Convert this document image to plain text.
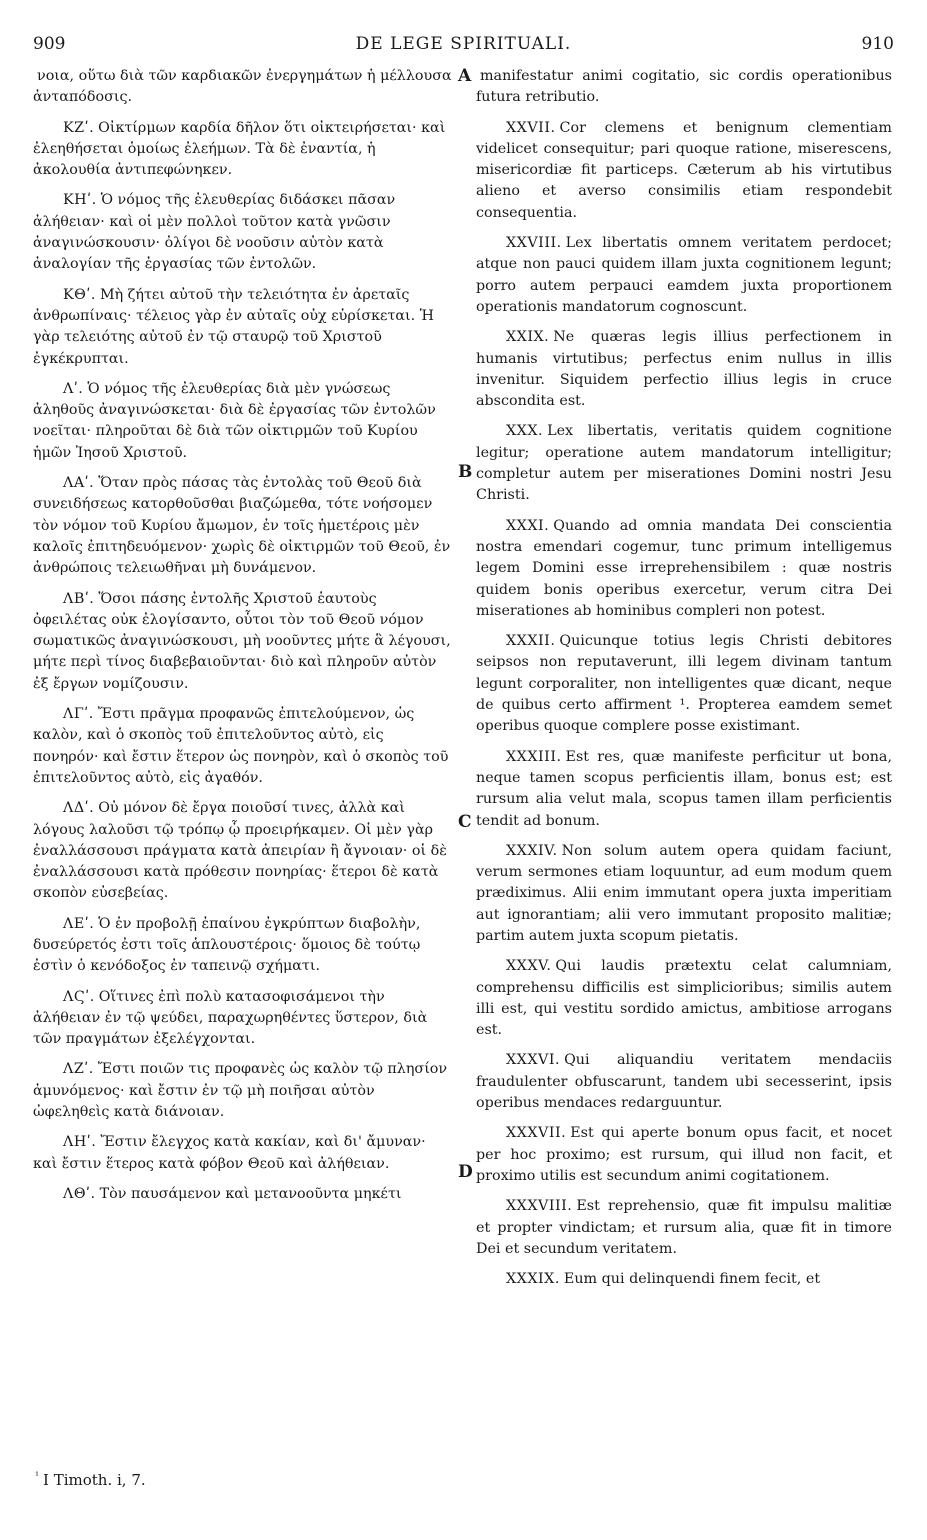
909	DE LEGE SPIRITUALI.	910

νοια, οὕτω διὰ τῶν καρδιακῶν ἐνεργημάτων ἡ μέλλουσα ἀνταπόδοσις.

ΚΖʹ. Οἰκτίρμων καρδία δῆλον ὅτι οἰκτειρήσεται· καὶ ἐλεηθήσεται ὁμοίως ἐλεήμων. Τὰ δὲ ἐναντία, ἡ ἀκολουθία ἀντιπεφώνηκεν.

ΚΗʹ. Ὁ νόμος τῆς ἐλευθερίας διδάσκει πᾶσαν ἀλήθειαν· καὶ οἱ μὲν πολλοὶ τοῦτον κατὰ γνῶσιν ἀναγινώσκουσιν· ὀλίγοι δὲ νοοῦσιν αὐτὸν κατὰ ἀναλογίαν τῆς ἐργασίας τῶν ἐντολῶν.

ΚΘʹ. Μὴ ζήτει αὐτοῦ τὴν τελειότητα ἐν ἀρεταῖς ἀνθρωπίναις· τέλειος γὰρ ἐν αὐταῖς οὐχ εὑρίσκεται. Ἡ γὰρ τελειότης αὐτοῦ ἐν τῷ σταυρῷ τοῦ Χριστοῦ ἐγκέκρυπται.

Λʹ. Ὁ νόμος τῆς ἐλευθερίας διὰ μὲν γνώσεως ἀληθοῦς ἀναγινώσκεται· διὰ δὲ ἐργασίας τῶν ἐντολῶν νοεῖται· πληροῦται δὲ διὰ τῶν οἰκτιρμῶν τοῦ Κυρίου ἡμῶν Ἰησοῦ Χριστοῦ.

ΛΑʹ. Ὅταν πρὸς πάσας τὰς ἐντολὰς τοῦ Θεοῦ διὰ συνειδήσεως κατορθοῦσθαι βιαζώμεθα, τότε νοήσομεν τὸν νόμον τοῦ Κυρίου ἄμωμον, ἐν τοῖς ἡμετέροις μὲν καλοῖς ἐπιτηδευόμενον· χωρὶς δὲ οἰκτιρμῶν τοῦ Θεοῦ, ἐν ἀνθρώποις τελειωθῆναι μὴ δυνάμενον.

ΛΒʹ. Ὅσοι πάσης ἐντολῆς Χριστοῦ ἑαυτοὺς ὀφειλέτας οὐκ ἐλογίσαντο, οὗτοι τὸν τοῦ Θεοῦ νόμον σωματικῶς ἀναγινώσκουσι, μὴ νοοῦντες μήτε ἃ λέγουσι, μήτε περὶ τίνος διαβεβαιοῦνται· διὸ καὶ πληροῦν αὐτὸν ἐξ ἔργων νομίζουσιν.

ΛΓʹ. Ἔστι πρᾶγμα προφανῶς ἐπιτελούμενον, ὡς καλὸν, καὶ ὁ σκοπὸς τοῦ ἐπιτελοῦντος αὐτὸ, εἰς πονηρόν· καὶ ἔστιν ἕτερον ὡς πονηρὸν, καὶ ὁ σκοπὸς τοῦ ἐπιτελοῦντος αὐτὸ, εἰς ἀγαθόν.

ΛΔʹ. Οὐ μόνον δὲ ἔργα ποιοῦσί τινες, ἀλλὰ καὶ λόγους λαλοῦσι τῷ τρόπῳ ᾧ προειρήκαμεν. Οἱ μὲν γὰρ ἐναλλάσσουσι πράγματα κατὰ ἀπειρίαν ἢ ἄγνοιαν· οἱ δὲ ἐναλλάσσουσι κατὰ πρόθεσιν πονηρίας· ἕτεροι δὲ κατὰ σκοπὸν εὐσεβείας.

ΛΕʹ. Ὁ ἐν προβολῇ ἐπαίνου ἐγκρύπτων διαβολὴν, δυσεύρετός ἐστι τοῖς ἁπλουστέροις· ὅμοιος δὲ τούτῳ ἐστὶν ὁ κενόδοξος ἐν ταπεινῷ σχήματι.

ΛϚʹ. Οἵτινες ἐπὶ πολὺ κατασοφισάμενοι τὴν ἀλήθειαν ἐν τῷ ψεύδει, παραχωρηθέντες ὕστερον, διὰ τῶν πραγμάτων ἐξελέγχονται.

ΛΖʹ. Ἔστι ποιῶν τις προφανὲς ὡς καλὸν τῷ πλησίον ἀμυνόμενος· καὶ ἔστιν ἐν τῷ μὴ ποιῆσαι αὐτὸν ὠφεληθεὶς κατὰ διάνοιαν.

ΛΗʹ. Ἔστιν ἔλεγχος κατὰ κακίαν, καὶ δι' ἄμυναν· καὶ ἔστιν ἕτερος κατὰ φόβον Θεοῦ καὶ ἀλήθειαν.

ΛΘʹ. Τὸν παυσάμενον καὶ μετανοοῦντα μηκέτι

manifestatur animi cogitatio, sic cordis operationibus futura retributio.

XXVII. Cor clemens et benignum clementiam videlicet consequitur; pari quoque ratione, miserescens, misericordiæ fit particeps. Cæterum ab his virtutibus alieno et averso consimilis etiam respondebit consequentia.

XXVIII. Lex libertatis omnem veritatem perdocet; atque non pauci quidem illam juxta cognitionem legunt; porro autem perpauci eamdem juxta proportionem operationis mandatorum cognoscunt.

XXIX. Ne quæras legis illius perfectionem in humanis virtutibus; perfectus enim nullus in illis invenitur. Siquidem perfectio illius legis in cruce abscondita est.

XXX. Lex libertatis, veritatis quidem cognitione legitur; operatione autem mandatorum intelligitur; completur autem per miserationes Domini nostri Jesu Christi.

XXXI. Quando ad omnia mandata Dei conscientia nostra emendari cogemur, tunc primum intelligemus legem Domini esse irreprehensibilem : quæ nostris quidem bonis operibus exercetur, verum citra Dei miserationes ab hominibus compleri non potest.

XXXII. Quicunque totius legis Christi debitores seipsos non reputaverunt, illi legem divinam tantum legunt corporaliter, non intelligentes quæ dicant, neque de quibus certo affirment ¹. Propterea eamdem semet operibus quoque complere posse existimant.

XXXIII. Est res, quæ manifeste perficitur ut bona, neque tamen scopus perficientis illam, bonus est; est rursum alia velut mala, scopus tamen illam perficientis tendit ad bonum.

XXXIV. Non solum autem opera quidam faciunt, verum sermones etiam loquuntur, ad eum modum quem prædiximus. Alii enim immutant opera juxta imperitiam aut ignorantiam; alii vero immutant proposito malitiæ; partim autem juxta scopum pietatis.

XXXV. Qui laudis prætextu celat calumniam, comprehensu difficilis est simplicioribus; similis autem illi est, qui vestitu sordido amictus, ambitiose arrogans est.

XXXVI. Qui aliquandiu veritatem mendaciis fraudulenter obfuscarunt, tandem ubi secesserint, ipsis operibus mendaces redarguuntur.

XXXVII. Est qui aperte bonum opus facit, et nocet per hoc proximo; est rursum, qui illud non facit, et proximo utilis est secundum animi cogitationem.

XXXVIII. Est reprehensio, quæ fit impulsu malitiæ et propter vindictam; et rursum alia, quæ fit in timore Dei et secundum veritatem.

XXXIX. Eum qui delinquendi finem fecit, et

A
B
C
D
$^{^1}$ I Timoth. i, 7.
